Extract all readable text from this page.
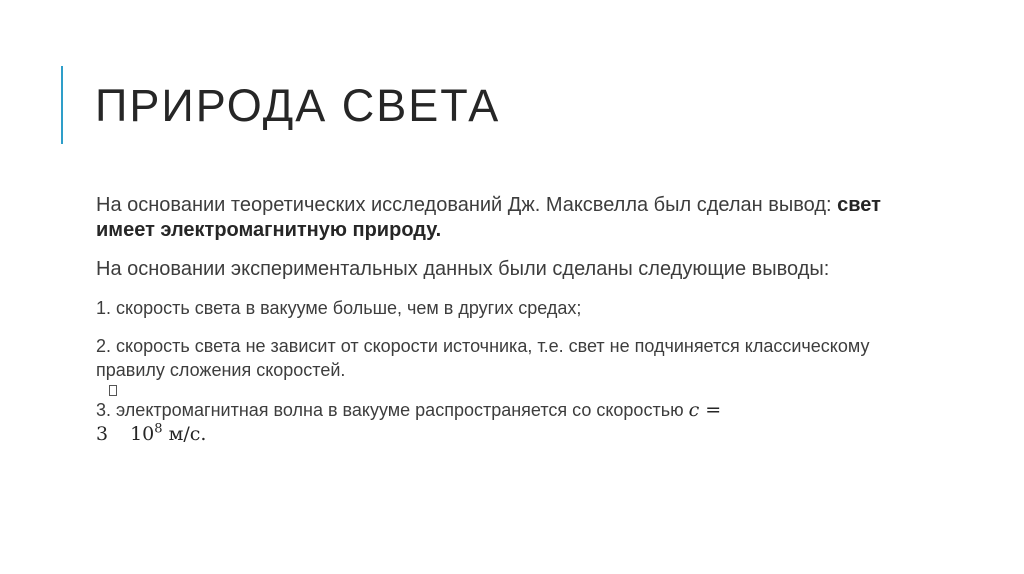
ПРИРОДА СВЕТА

На основании теоретических исследований Дж. Максвелла был сделан вывод: свет имеет электромагнитную природу.

На основании экспериментальных данных были сделаны следующие выводы:

1. скорость света в вакууме больше, чем в других средах;

2. скорость света не зависит от скорости источника, т.е. свет не подчиняется классическому правилу сложения скоростей.

3. электромагнитная волна в вакууме распространяется со скоростью 𝑐 =

3 $10^8$ м/с.
